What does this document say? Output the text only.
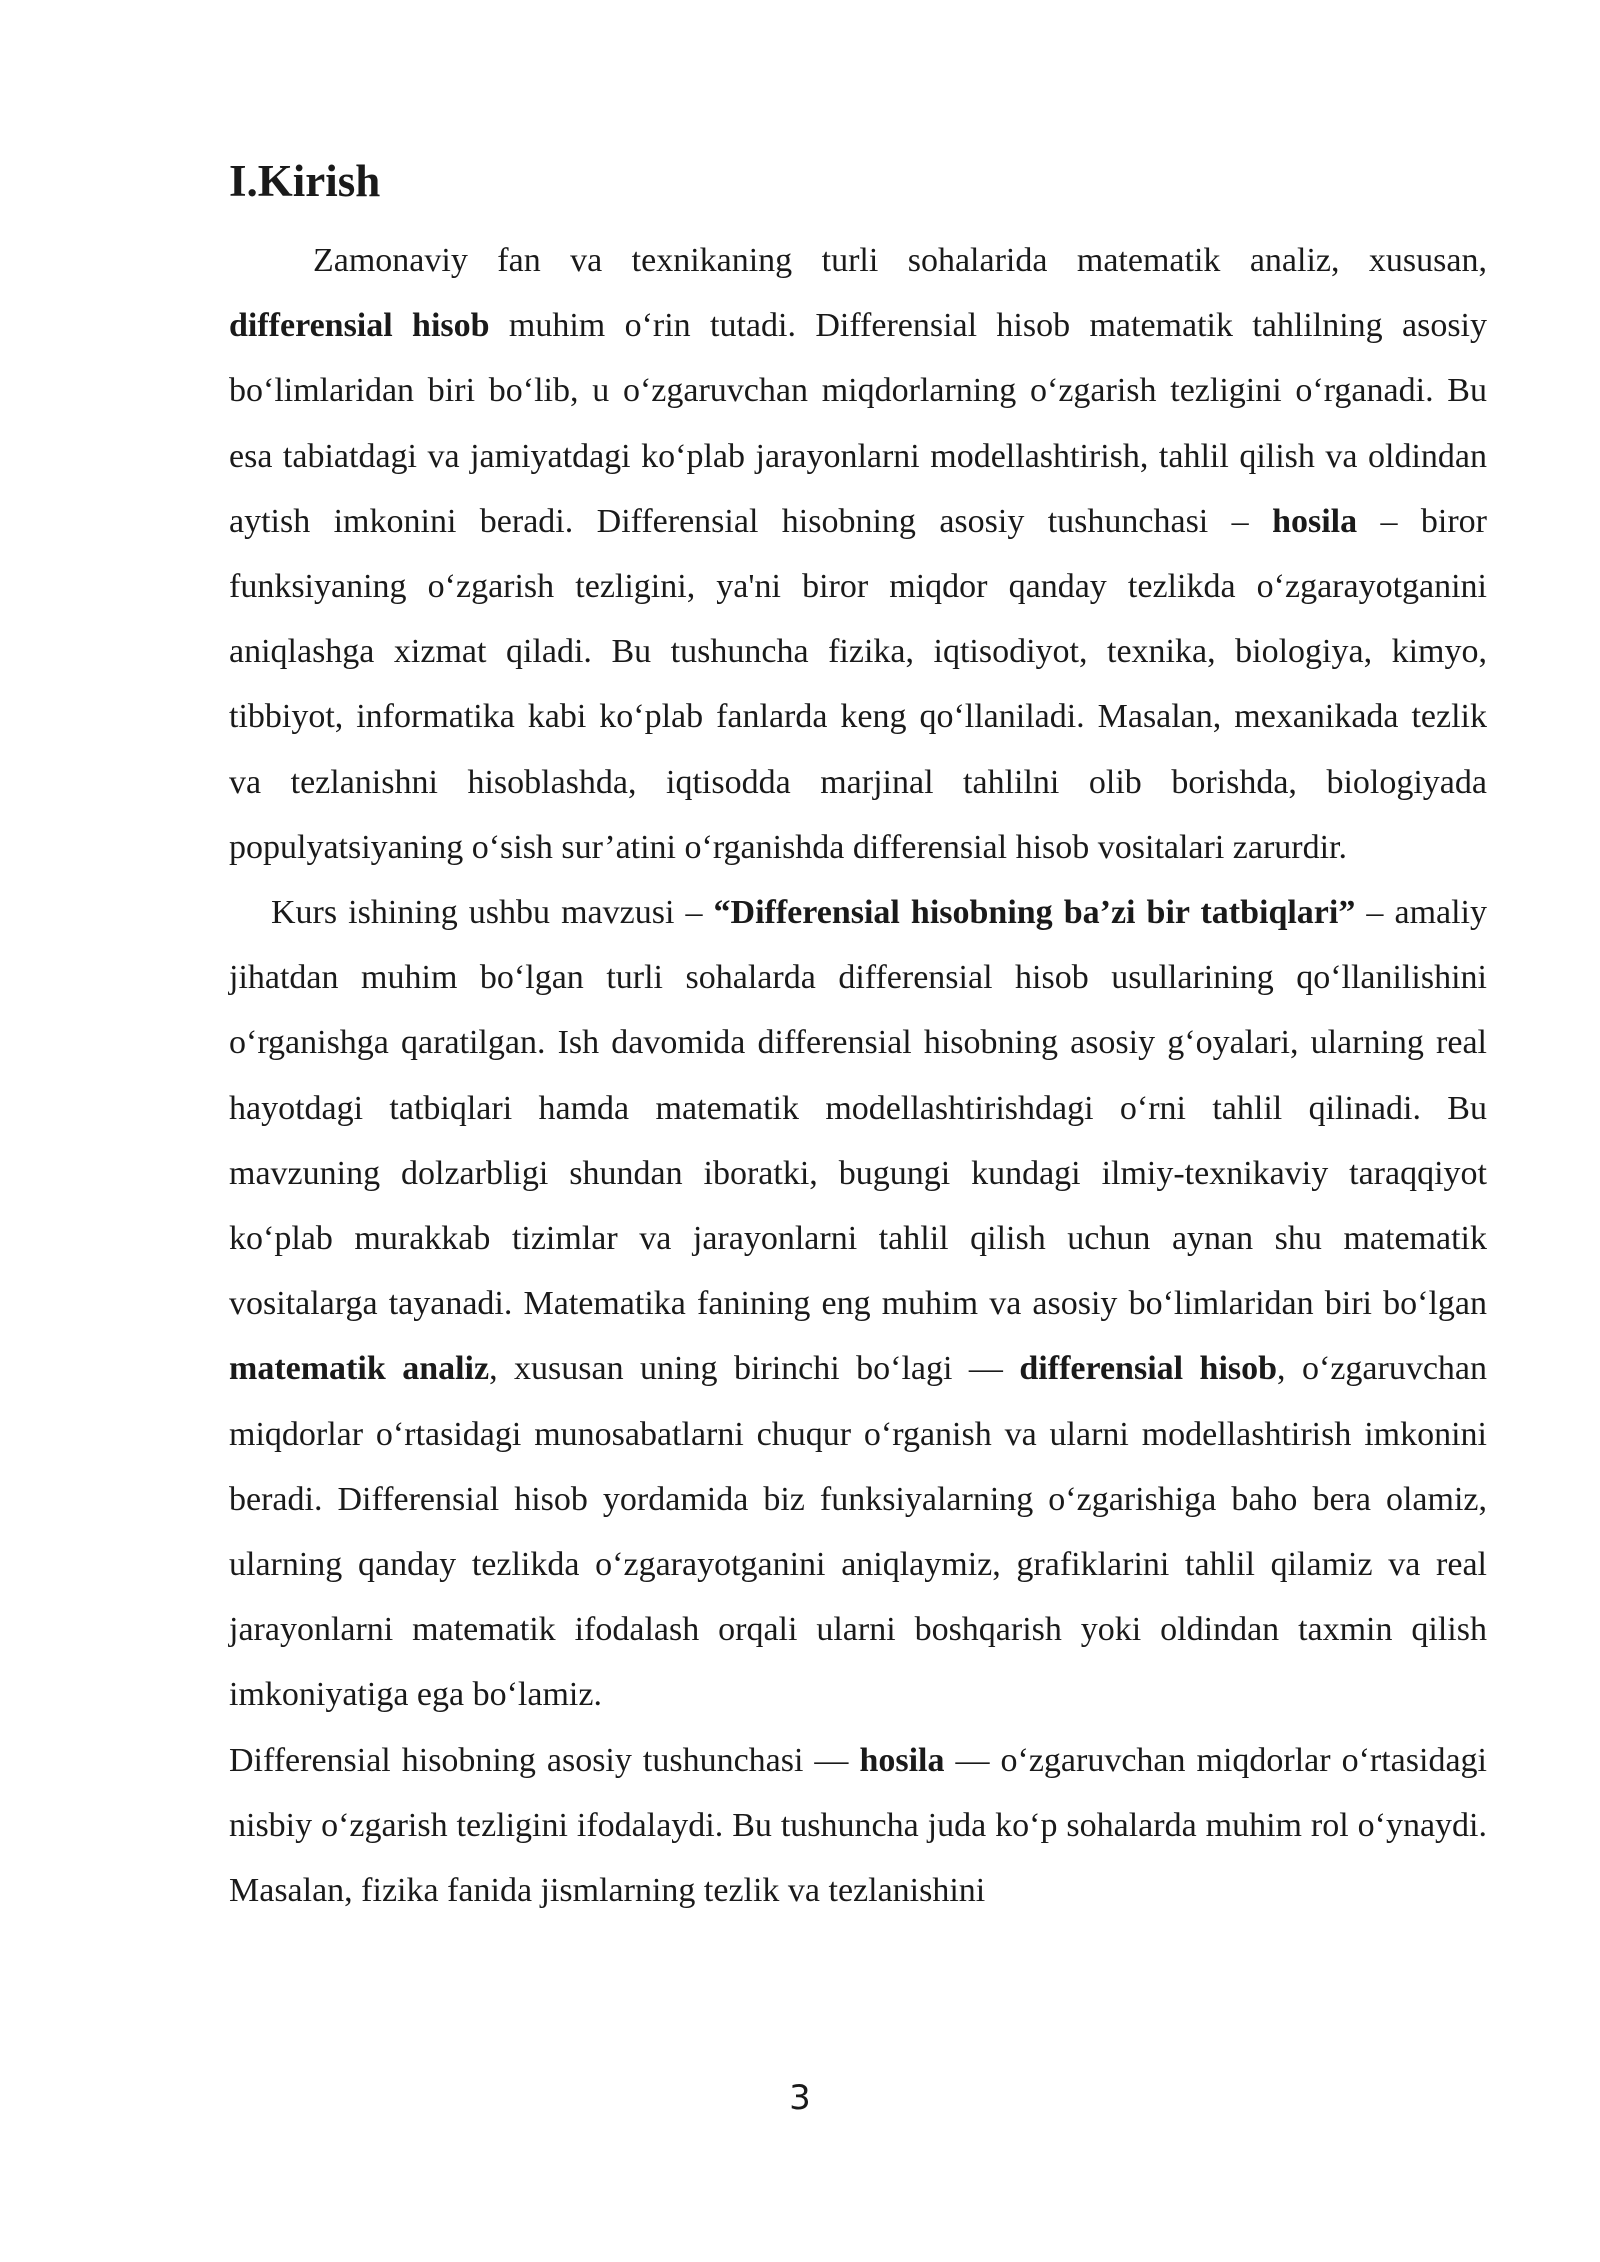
I.Kirish

Zamonaviy fan va texnikaning turli sohalarida matematik analiz, xususan, differensial hisob muhim o‘rin tutadi. Differensial hisob matematik tahlilning asosiy bo‘limlaridan biri bo‘lib, u o‘zgaruvchan miqdorlarning o‘zgarish tezligini o‘rganadi. Bu esa tabiatdagi va jamiyatdagi ko‘plab jarayonlarni modellashtirish, tahlil qilish va oldindan aytish imkonini beradi. Differensial hisobning asosiy tushunchasi – hosila – biror funksiyaning o‘zgarish tezligini, ya'ni biror miqdor qanday tezlikda o‘zgarayotganini aniqlashga xizmat qiladi. Bu tushuncha fizika, iqtisodiyot, texnika, biologiya, kimyo, tibbiyot, informatika kabi ko‘plab fanlarda keng qo‘llaniladi. Masalan, mexanikada tezlik va tezlanishni hisoblashda, iqtisodda marjinal tahlilni olib borishda, biologiyada populyatsiyaning o‘sish sur’atini o‘rganishda differensial hisob vositalari zarurdir.

Kurs ishining ushbu mavzusi – “Differensial hisobning ba’zi bir tatbiqlari” – amaliy jihatdan muhim bo‘lgan turli sohalarda differensial hisob usullarining qo‘llanilishini o‘rganishga qaratilgan. Ish davomida differensial hisobning asosiy g‘oyalari, ularning real hayotdagi tatbiqlari hamda matematik modellashtirishdagi o‘rni tahlil qilinadi. Bu mavzuning dolzarbligi shundan iboratki, bugungi kundagi ilmiy-texnikaviy taraqqiyot ko‘plab murakkab tizimlar va jarayonlarni tahlil qilish uchun aynan shu matematik vositalarga tayanadi. Matematika fanining eng muhim va asosiy bo‘limlaridan biri bo‘lgan matematik analiz, xususan uning birinchi bo‘lagi — differensial hisob, o‘zgaruvchan miqdorlar o‘rtasidagi munosabatlarni chuqur o‘rganish va ularni modellashtirish imkonini beradi. Differensial hisob yordamida biz funksiyalarning o‘zgarishiga baho bera olamiz, ularning qanday tezlikda o‘zgarayotganini aniqlaymiz, grafiklarini tahlil qilamiz va real jarayonlarni matematik ifodalash orqali ularni boshqarish yoki oldindan taxmin qilish imkoniyatiga ega bo‘lamiz.

Differensial hisobning asosiy tushunchasi — hosila — o‘zgaruvchan miqdorlar o‘rtasidagi nisbiy o‘zgarish tezligini ifodalaydi. Bu tushuncha juda ko‘p sohalarda muhim rol o‘ynaydi. Masalan, fizika fanida jismlarning tezlik va tezlanishini

3
